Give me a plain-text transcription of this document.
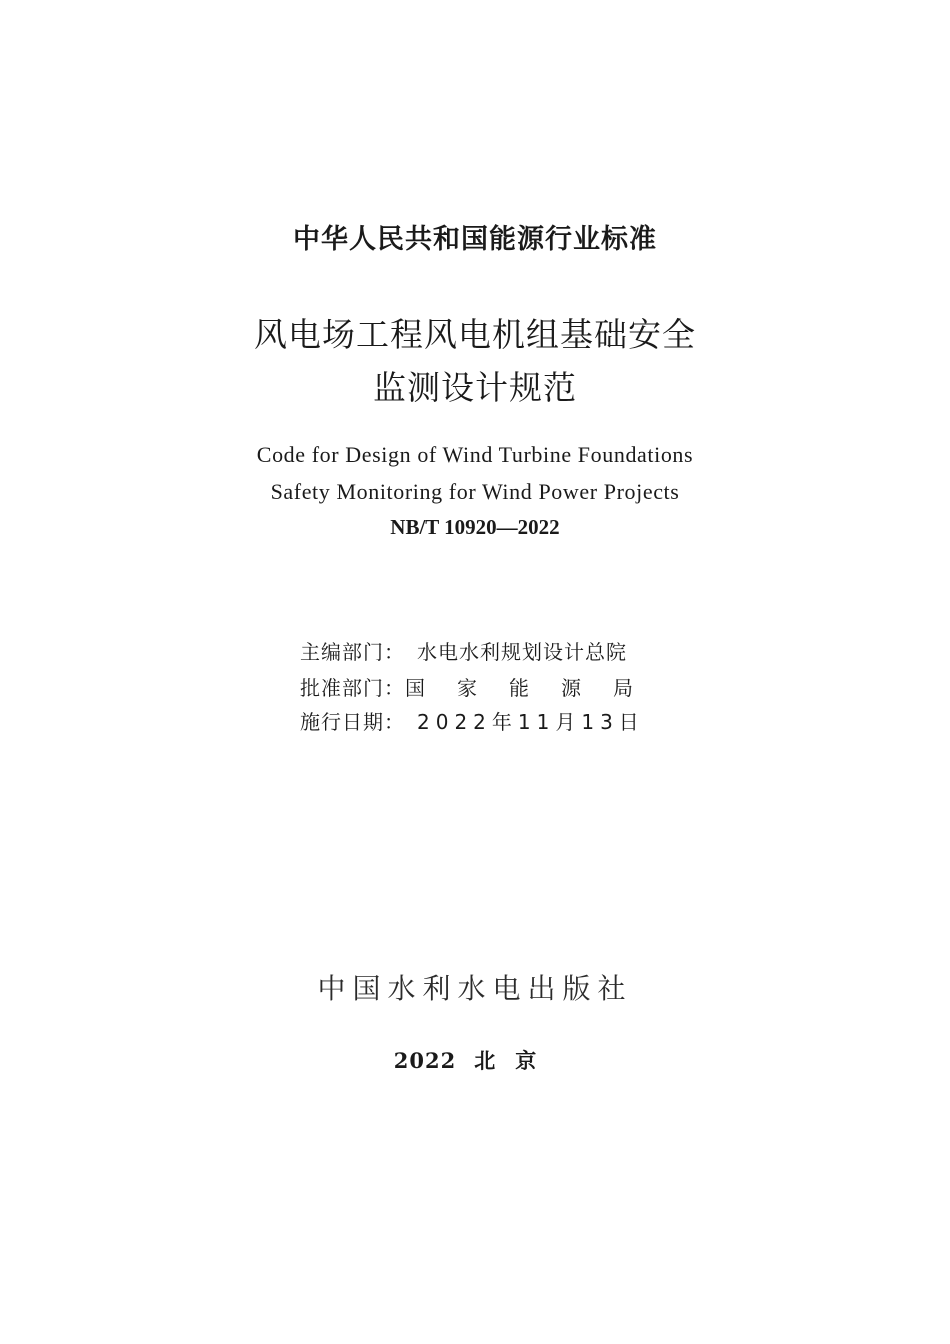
中华人民共和国能源行业标准
风电场工程风电机组基础安全
监测设计规范
Code for Design of Wind Turbine Foundations
Safety Monitoring for Wind Power Projects
NB/T 10920—2022
主编部门： 水电水利规划设计总院
批准部门： 国家能源局
施行日期： 2022年11月13日
中国水利水电出版社
2022 北京
